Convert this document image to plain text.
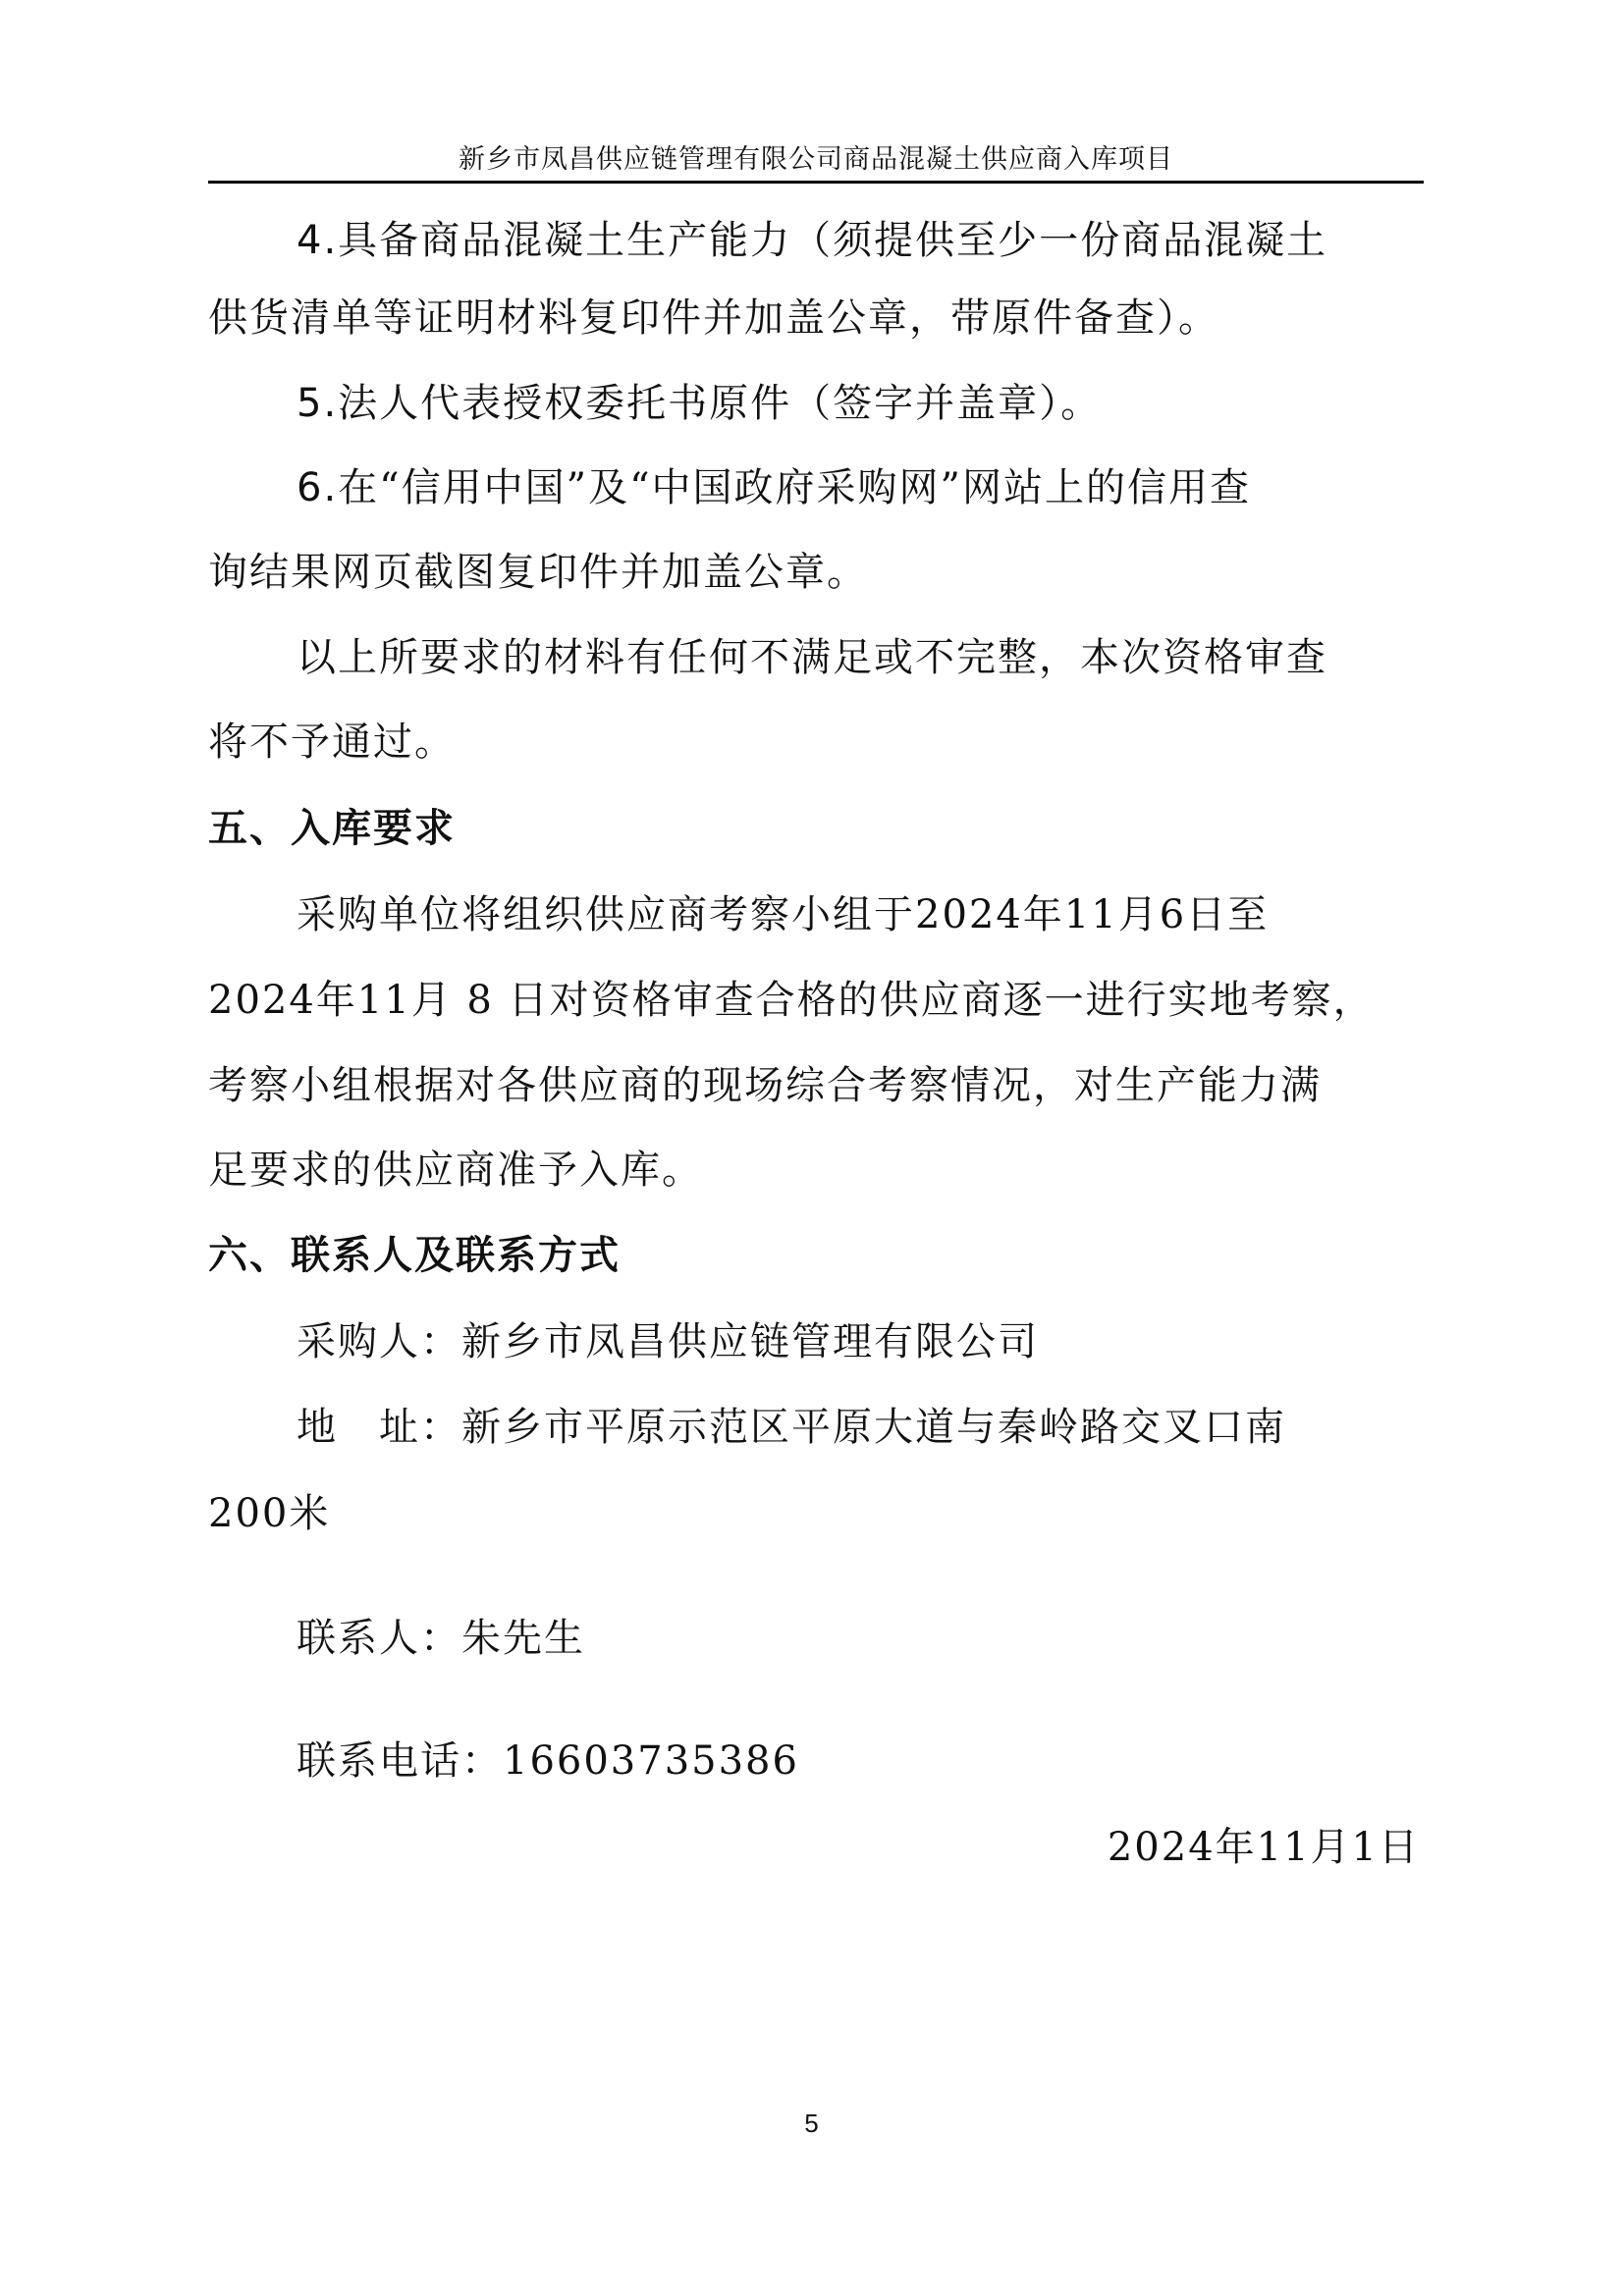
新乡市凤昌供应链管理有限公司商品混凝土供应商入库项目
4.具备商品混凝土生产能力（须提供至少一份商品混凝土
供货清单等证明材料复印件并加盖公章，带原件备查）。
5.法人代表授权委托书原件（签字并盖章）。
6.在“信用中国”及“中国政府采购网”网站上的信用查
询结果网页截图复印件并加盖公章。
以上所要求的材料有任何不满足或不完整，本次资格审查
将不予通过。
五、入库要求
采购单位将组织供应商考察小组于2024年11月6日至
2024年11月 8 日对资格审查合格的供应商逐一进行实地考察，
考察小组根据对各供应商的现场综合考察情况，对生产能力满
足要求的供应商准予入库。
六、联系人及联系方式
采购人：新乡市凤昌供应链管理有限公司
地　址：新乡市平原示范区平原大道与秦岭路交叉口南
200米
联系人：朱先生
联系电话：16603735386
2024年11月1日
5
